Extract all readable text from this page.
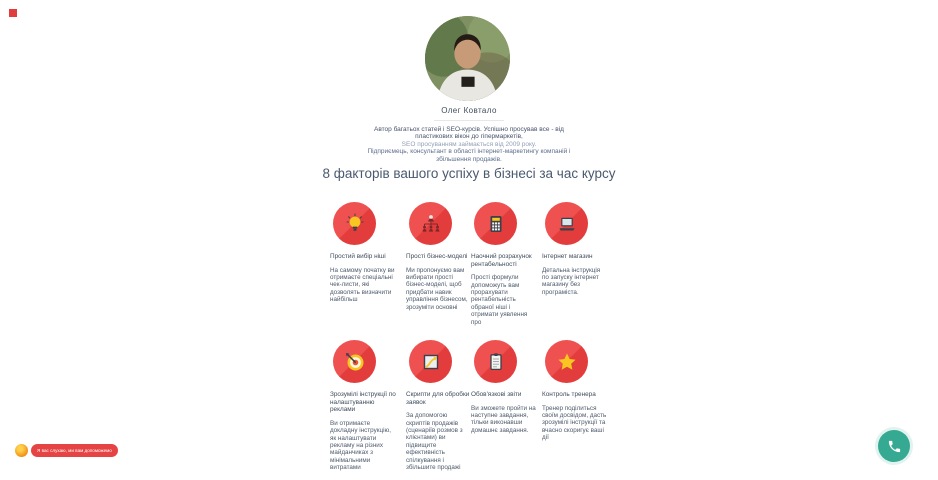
Олег Ковтало
Автор багатьох статей і SEO-курсів. Успішно просував все - від
пластикових вікон до гіпермаркетів,
SEO просуванням займається від 2009 року.
Підприємець, консультант в області інтернет-маркетингу компаній і
збільшення продажів.
8 факторів вашого успіху в бізнесі за час курсу
Простий вибір ніші
На самому початку ви отримаєте спеціальні чек-листи, які дозволять визначити найбільш
Прості бізнес-моделі
Ми пропонуємо вам вибирати прості бізнес-моделі, щоб придбати навик управління бізнесом, зрозуміти основні
Наочний розрахунок рентабельності
Прості формули допоможуть вам прорахувати рентабельність обраної ніші і отримати уявлення про
Інтернет магазин
Детальна інструкція по запуску інтернет магазину без програміста.
Зрозумілі інструкції по налаштуванню реклами
Ви отримаєте докладну інструкцію, як налаштувати рекламу на різних майданчиках з мінімальними витратами
Скрипти для обробки заявок
За допомогою скриптів продажів (сценаріїв розмов з клієнтами) ви підвищите ефективність спілкування і збільшите продажі
Обов'язкові звіти
Ви зможете пройти на наступне завдання, тільки виконавши домашнє завдання.
Контроль тренера
Тренер поділиться своїм досвідом, дасть зрозумілі інструкції та вчасно скоригує ваші дії
Я вас слухаю, ми вам допоможемо
